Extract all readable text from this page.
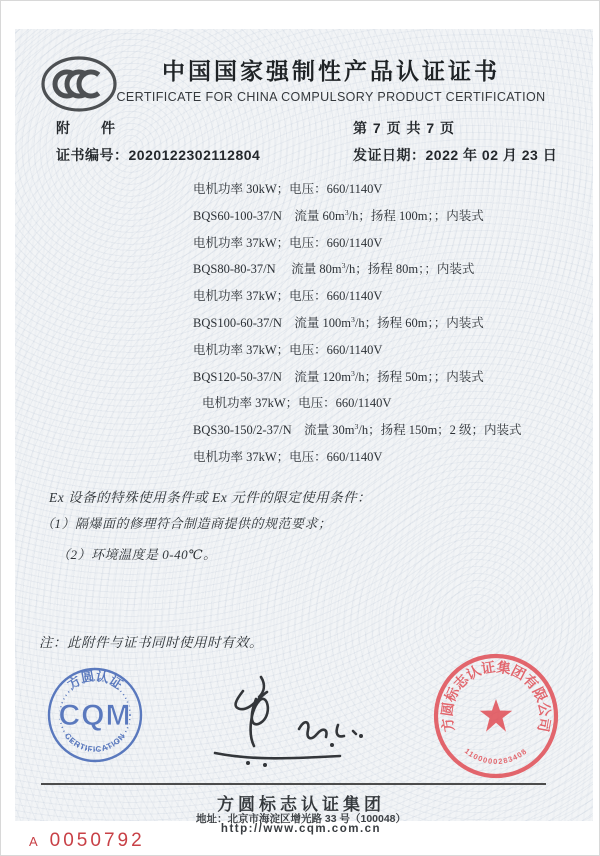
中国国家强制性产品认证证书
CERTIFICATE FOR CHINA COMPULSORY PRODUCT CERTIFICATION
附　　件	第 7 页 共 7 页
证书编号：2020122302112804	发证日期：2022 年 02 月 23 日
电机功率 30kW；电压：660/1140V
BQS60-100-37/N　流量 $60m^3/h$；扬程 100m；；内装式
电机功率 37kW；电压：660/1140V
BQS80-80-37/N　 流量 $80m^3/h$；扬程 80m；；内装式
电机功率 37kW；电压：660/1140V
BQS100-60-37/N　流量 $100m^3/h$；扬程 60m；；内装式
电机功率 37kW；电压：660/1140V
BQS120-50-37/N　流量 $120m^3/h$；扬程 50m；；内装式
电机功率 37kW；电压：660/1140V
BQS30-150/2-37/N　流量 $30m^3/h$；扬程 150m；2 级；内装式
电机功率 37kW；电压：660/1140V
Ex 设备的特殊使用条件或 Ex 元件的限定使用条件：
（1）隔爆面的修理符合制造商提供的规范要求；
（2）环境温度是 0-40℃。
注：此附件与证书同时使用时有效。
方圆认证
CERTIFICATION
CQM	方圆标志认证集团有限公司
1100000283408
方圆标志认证集团
地址：北京市海淀区增光路 33 号（100048）
http://www.cqm.com.cn
A 0050792
